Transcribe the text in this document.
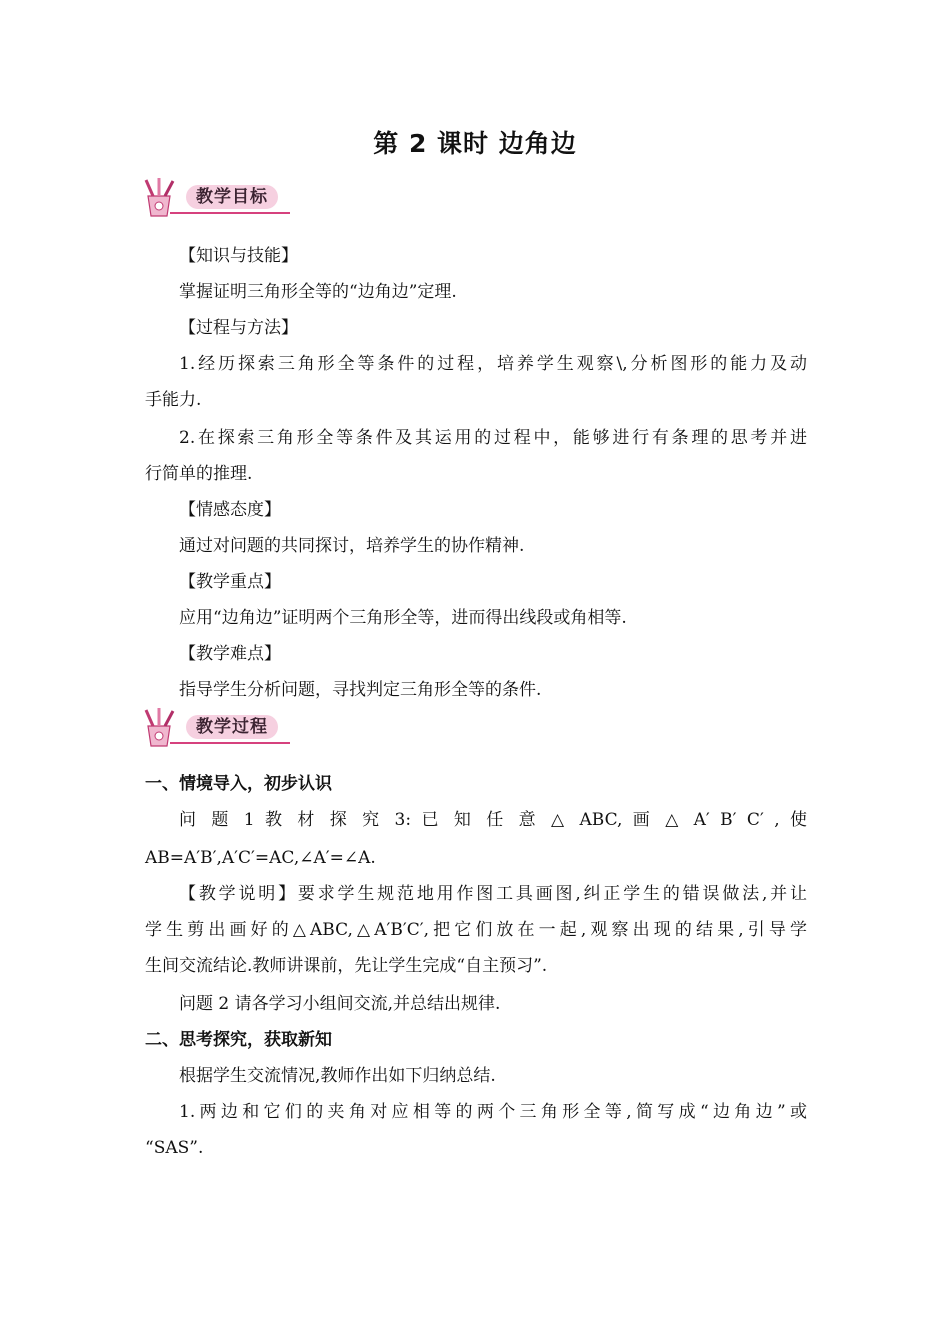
第 2 课时 边角边
教学目标

【知识与技能】

掌握证明三角形全等的“边角边”定理.

【过程与方法】

1.经历探索三角形全等条件的过程，培养学生观察\,分析图形的能力及动

手能力.

2.在探索三角形全等条件及其运用的过程中，能够进行有条理的思考并进

行简单的推理.

【情感态度】

通过对问题的共同探讨，培养学生的协作精神.

【教学重点】

应用“边角边”证明两个三角形全等，进而得出线段或角相等.

【教学难点】

指导学生分析问题，寻找判定三角形全等的条件.

教学过程

一、情境导入，初步认识

问 题 1 教 材 探 究 3: 已 知 任 意 △ ABC, 画 △ A′ B′ C′ , 使

AB=A′B′,A′C′=AC,∠A′=∠A.

【教学说明】要求学生规范地用作图工具画图,纠正学生的错误做法,并让

学生剪出画好的△ABC,△A′B′C′,把它们放在一起,观察出现的结果,引导学

生间交流结论.教师讲课前，先让学生完成“自主预习”.

问题 2 请各学习小组间交流,并总结出规律.

二、思考探究，获取新知

根据学生交流情况,教师作出如下归纳总结.

1.两边和它们的夹角对应相等的两个三角形全等,简写成“边角边”或

“SAS”.
